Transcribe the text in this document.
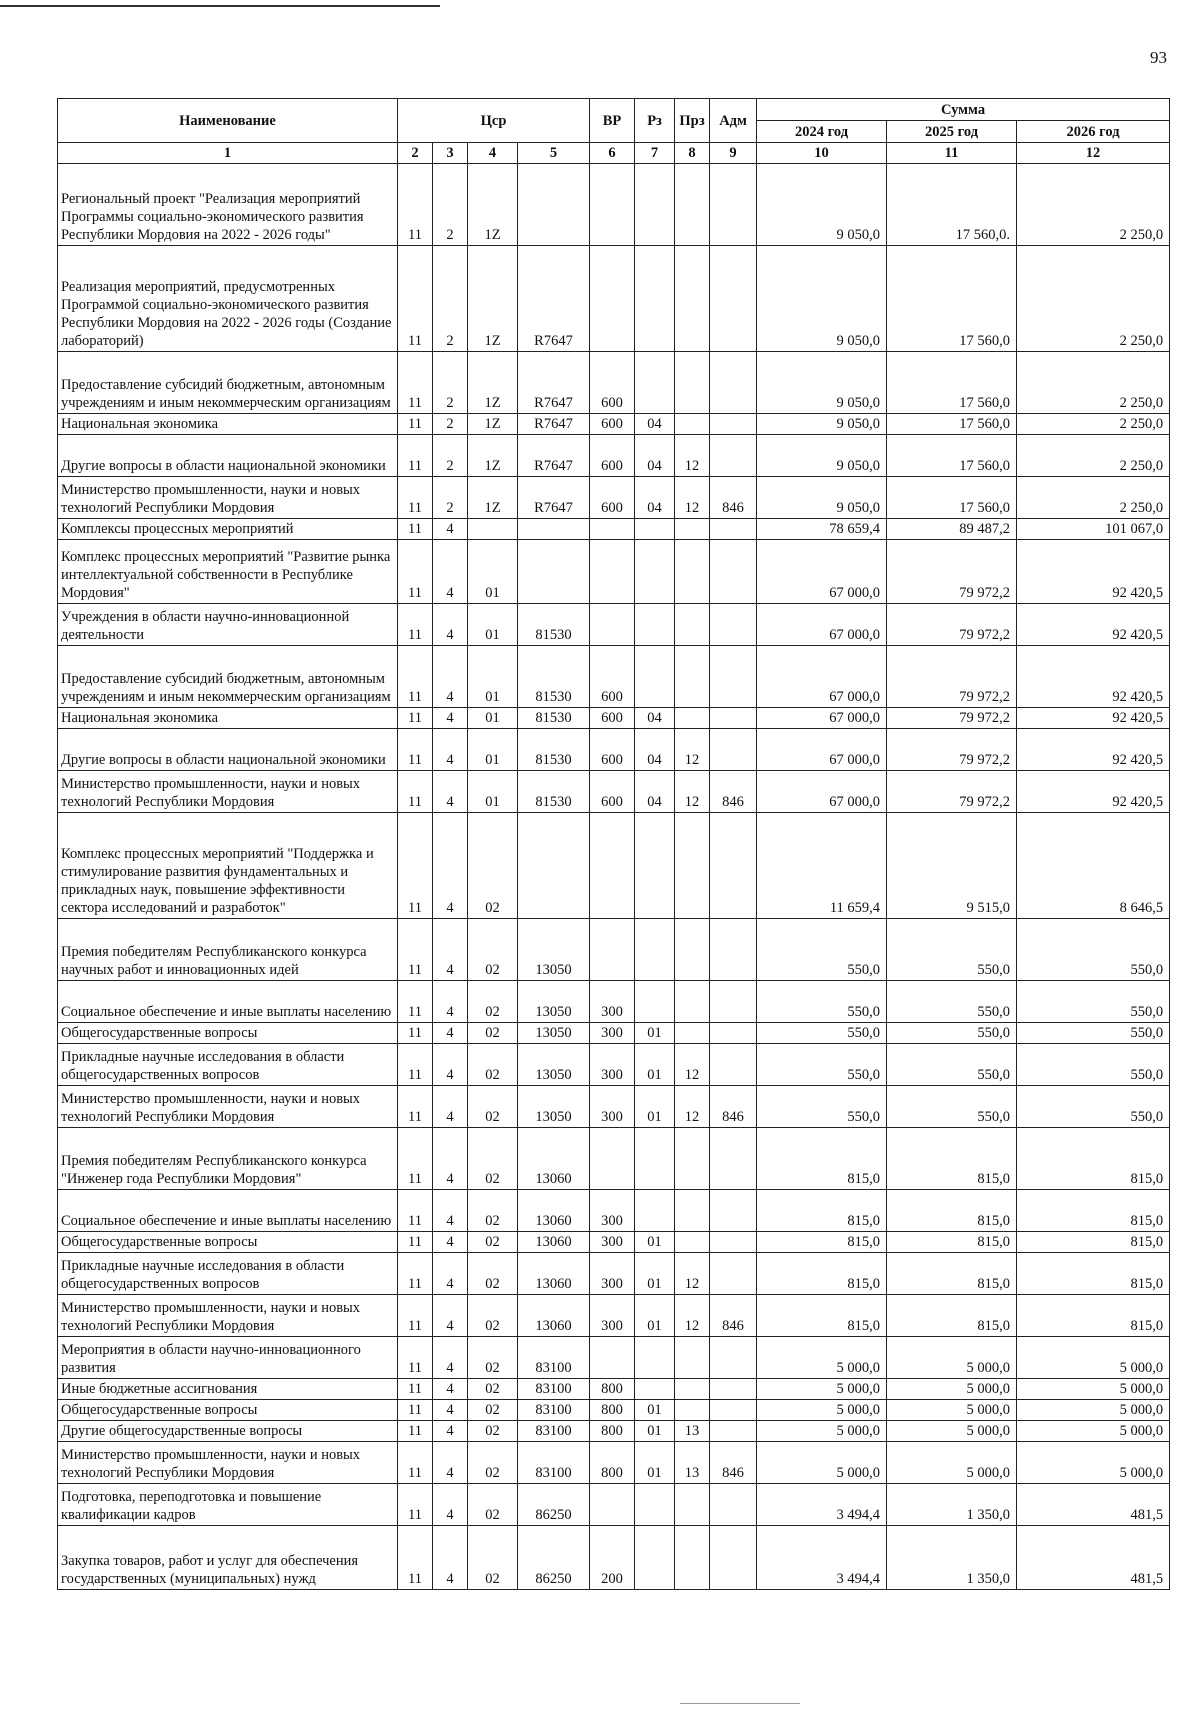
93
Наименование	Цср				ВР	Рз	Прз	Адм	Сумма		
									2024 год	2025 год	2026 год
1	2	3	4	5	6	7	8	9	10	11	12
Региональный проект "Реализация мероприятий Программы социально-экономического развития Республики Мордовия на 2022 - 2026 годы"	11	2	1Z						9 050,0	17 560,0.	2 250,0
Реализация мероприятий, предусмотренных Программой социально-экономического развития Республики Мордовия на 2022 - 2026 годы (Создание лабораторий)	11	2	1Z	R7647					9 050,0	17 560,0	2 250,0
Предоставление субсидий бюджетным, автономным учреждениям и иным некоммерческим организациям	11	2	1Z	R7647	600				9 050,0	17 560,0	2 250,0
Национальная экономика	11	2	1Z	R7647	600	04			9 050,0	17 560,0	2 250,0
Другие вопросы в области национальной экономики	11	2	1Z	R7647	600	04	12		9 050,0	17 560,0	2 250,0
Министерство промышленности, науки и новых технологий Республики Мордовия	11	2	1Z	R7647	600	04	12	846	9 050,0	17 560,0	2 250,0
Комплексы процессных мероприятий	11	4							78 659,4	89 487,2	101 067,0
Комплекс процессных мероприятий "Развитие рынка интеллектуальной собственности в Республике Мордовия"	11	4	01						67 000,0	79 972,2	92 420,5
Учреждения в области научно-инновационной деятельности	11	4	01	81530					67 000,0	79 972,2	92 420,5
Предоставление субсидий бюджетным, автономным учреждениям и иным некоммерческим организациям	11	4	01	81530	600				67 000,0	79 972,2	92 420,5
Национальная экономика	11	4	01	81530	600	04			67 000,0	79 972,2	92 420,5
Другие вопросы в области национальной экономики	11	4	01	81530	600	04	12		67 000,0	79 972,2	92 420,5
Министерство промышленности, науки и новых технологий Республики Мордовия	11	4	01	81530	600	04	12	846	67 000,0	79 972,2	92 420,5
Комплекс процессных мероприятий "Поддержка и стимулирование развития фундаментальных и прикладных наук, повышение эффективности сектора исследований и разработок"	11	4	02						11 659,4	9 515,0	8 646,5
Премия победителям Республиканского конкурса научных работ и инновационных идей	11	4	02	13050					550,0	550,0	550,0
Социальное обеспечение и иные выплаты населению	11	4	02	13050	300				550,0	550,0	550,0
Общегосударственные вопросы	11	4	02	13050	300	01			550,0	550,0	550,0
Прикладные научные исследования в области общегосударственных вопросов	11	4	02	13050	300	01	12		550,0	550,0	550,0
Министерство промышленности, науки и новых технологий Республики Мордовия	11	4	02	13050	300	01	12	846	550,0	550,0	550,0
Премия победителям Республиканского конкурса "Инженер года Республики Мордовия"	11	4	02	13060					815,0	815,0	815,0
Социальное обеспечение и иные выплаты населению	11	4	02	13060	300				815,0	815,0	815,0
Общегосударственные вопросы	11	4	02	13060	300	01			815,0	815,0	815,0
Прикладные научные исследования в области общегосударственных вопросов	11	4	02	13060	300	01	12		815,0	815,0	815,0
Министерство промышленности, науки и новых технологий Республики Мордовия	11	4	02	13060	300	01	12	846	815,0	815,0	815,0
Мероприятия в области научно-инновационного развития	11	4	02	83100					5 000,0	5 000,0	5 000,0
Иные бюджетные ассигнования	11	4	02	83100	800				5 000,0	5 000,0	5 000,0
Общегосударственные вопросы	11	4	02	83100	800	01			5 000,0	5 000,0	5 000,0
Другие общегосударственные вопросы	11	4	02	83100	800	01	13		5 000,0	5 000,0	5 000,0
Министерство промышленности, науки и новых технологий Республики Мордовия	11	4	02	83100	800	01	13	846	5 000,0	5 000,0	5 000,0
Подготовка, переподготовка и повышение квалификации кадров	11	4	02	86250					3 494,4	1 350,0	481,5
Закупка товаров, работ и услуг для обеспечения государственных (муниципальных) нужд	11	4	02	86250	200				3 494,4	1 350,0	481,5
